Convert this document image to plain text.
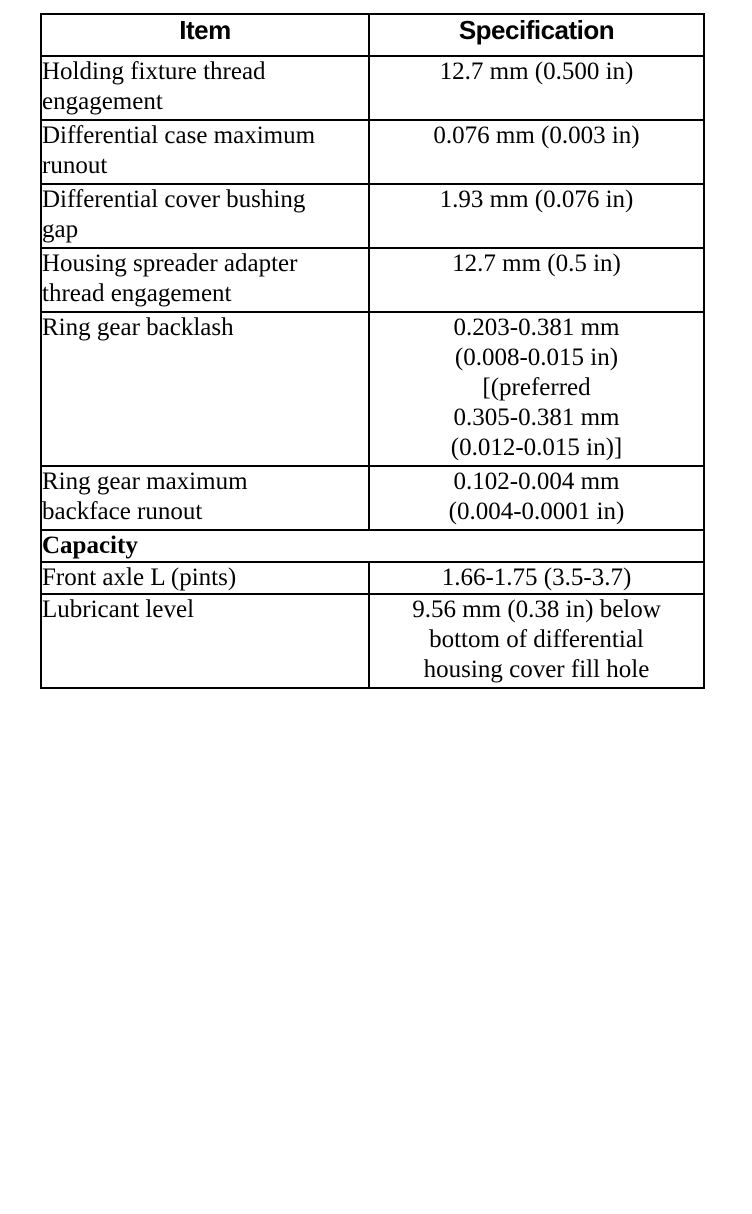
Item	Specification

Holding fixture thread
engagement	12.7 mm (0.500 in)

Differential case maximum
runout	0.076 mm (0.003 in)

Differential cover bushing
gap	1.93 mm (0.076 in)

Housing spreader adapter
thread engagement	12.7 mm (0.5 in)

Ring gear backlash	0.203-0.381 mm
(0.008-0.015 in)
[(preferred
0.305-0.381 mm
(0.012-0.015 in)]

Ring gear maximum
backface runout	0.102-0.004 mm
(0.004-0.0001 in)

Capacity	

Front axle L (pints)	1.66-1.75 (3.5-3.7)

Lubricant level	9.56 mm (0.38 in) below
bottom of differential
housing cover fill hole
